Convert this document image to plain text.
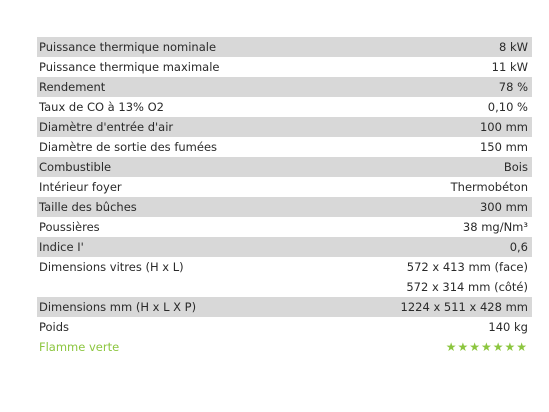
Puissance thermique nominale	8 kW
Puissance thermique maximale	11 kW
Rendement	78 %
Taux de CO à 13% O2	0,10 %
Diamètre d'entrée d'air	100 mm
Diamètre de sortie des fumées	150 mm
Combustible	Bois
Intérieur foyer	Thermobéton
Taille des bûches	300 mm
Poussières	38 mg/Nm³
Indice I'	0,6
Dimensions vitres (H x L)	572 x 413 mm (face)
572 x 314 mm (côté)
Dimensions mm (H x L X P)	1224 x 511 x 428 mm
Poids	140 kg
Flamme verte	★★★★★★★
